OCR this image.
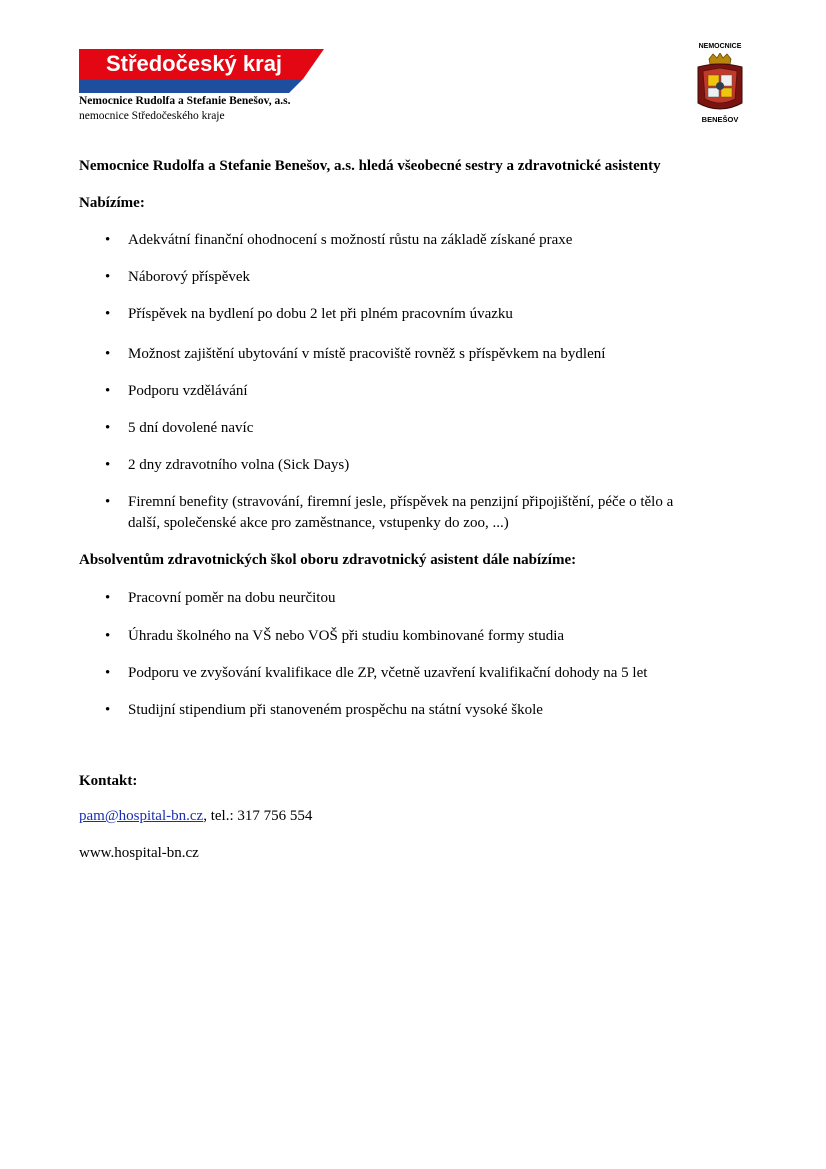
Středočeský kraj
Nemocnice Rudolfa a Stefanie Benešov, a.s.
nemocnice Středočeského kraje
NEMOCNICE
BENEŠOV
Nemocnice Rudolfa a Stefanie Benešov, a.s. hledá všeobecné sestry a zdravotnické asistenty
Nabízíme:
• Adekvátní finanční ohodnocení s možností růstu na základě získané praxe
• Náborový příspěvek
• Příspěvek na bydlení po dobu 2 let při plném pracovním úvazku
• Možnost zajištění ubytování v místě pracoviště rovněž s příspěvkem na bydlení
• Podporu vzdělávání
• 5 dní dovolené navíc
• 2 dny zdravotního volna (Sick Days)
• Firemní benefity (stravování, firemní jesle, příspěvek na penzijní připojištění, péče o tělo a
další, společenské akce pro zaměstnance, vstupenky do zoo, ...)
Absolventům zdravotnických škol oboru zdravotnický asistent dále nabízíme:
• Pracovní poměr na dobu neurčitou
• Úhradu školného na VŠ nebo VOŠ při studiu kombinované formy studia
• Podporu ve zvyšování kvalifikace dle ZP, včetně uzavření kvalifikační dohody na 5 let
• Studijní stipendium při stanoveném prospěchu na státní vysoké škole
Kontakt:
pam@hospital-bn.cz, tel.: 317 756 554
www.hospital-bn.cz
